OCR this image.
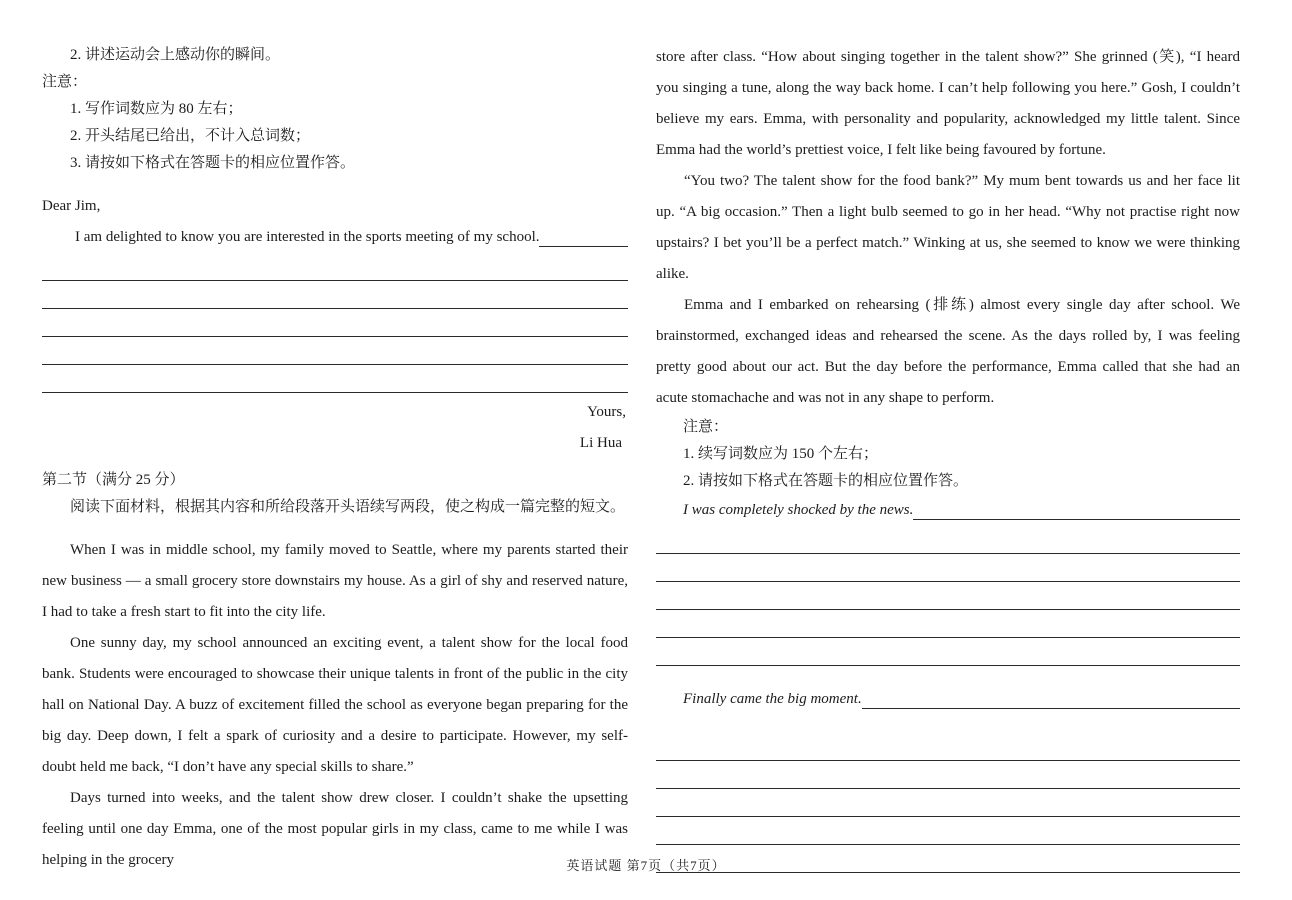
2. 讲述运动会上感动你的瞬间。
注意：
1. 写作词数应为 80 左右；
2. 开头结尾已给出，不计入总词数；
3. 请按如下格式在答题卡的相应位置作答。
Dear Jim,
I am delighted to know you are interested in the sports meeting of my school.
Yours,
Li Hua
第二节（满分 25 分）
阅读下面材料，根据其内容和所给段落开头语续写两段，使之构成一篇完整的短文。

When I was in middle school, my family moved to Seattle, where my parents started their new business — a small grocery store downstairs my house. As a girl of shy and reserved nature, I had to take a fresh start to fit into the city life.

One sunny day, my school announced an exciting event, a talent show for the local food bank. Students were encouraged to showcase their unique talents in front of the public in the city hall on National Day. A buzz of excitement filled the school as everyone began preparing for the big day. Deep down, I felt a spark of curiosity and a desire to participate. However, my self-doubt held me back, “I don’t have any special skills to share.”

Days turned into weeks, and the talent show drew closer. I couldn’t shake the upsetting feeling until one day Emma, one of the most popular girls in my class, came to me while I was helping in the grocery

store after class. “How about singing together in the talent show?” She grinned (笑), “I heard you singing a tune, along the way back home. I can’t help following you here.” Gosh, I couldn’t believe my ears. Emma, with personality and popularity, acknowledged my little talent. Since Emma had the world’s prettiest voice, I felt like being favoured by fortune.

“You two? The talent show for the food bank?” My mum bent towards us and her face lit up. “A big occasion.” Then a light bulb seemed to go in her head. “Why not practise right now upstairs? I bet you’ll be a perfect match.” Winking at us, she seemed to know we were thinking alike.

Emma and I embarked on rehearsing (排练) almost every single day after school. We brainstormed, exchanged ideas and rehearsed the scene. As the days rolled by, I was feeling pretty good about our act. But the day before the performance, Emma called that she had an acute stomachache and was not in any shape to perform.

注意：
1. 续写词数应为 150 个左右；
2. 请按如下格式在答题卡的相应位置作答。
I was completely shocked by the news.
Finally came the big moment.
英语试题 第7页（共7页）
